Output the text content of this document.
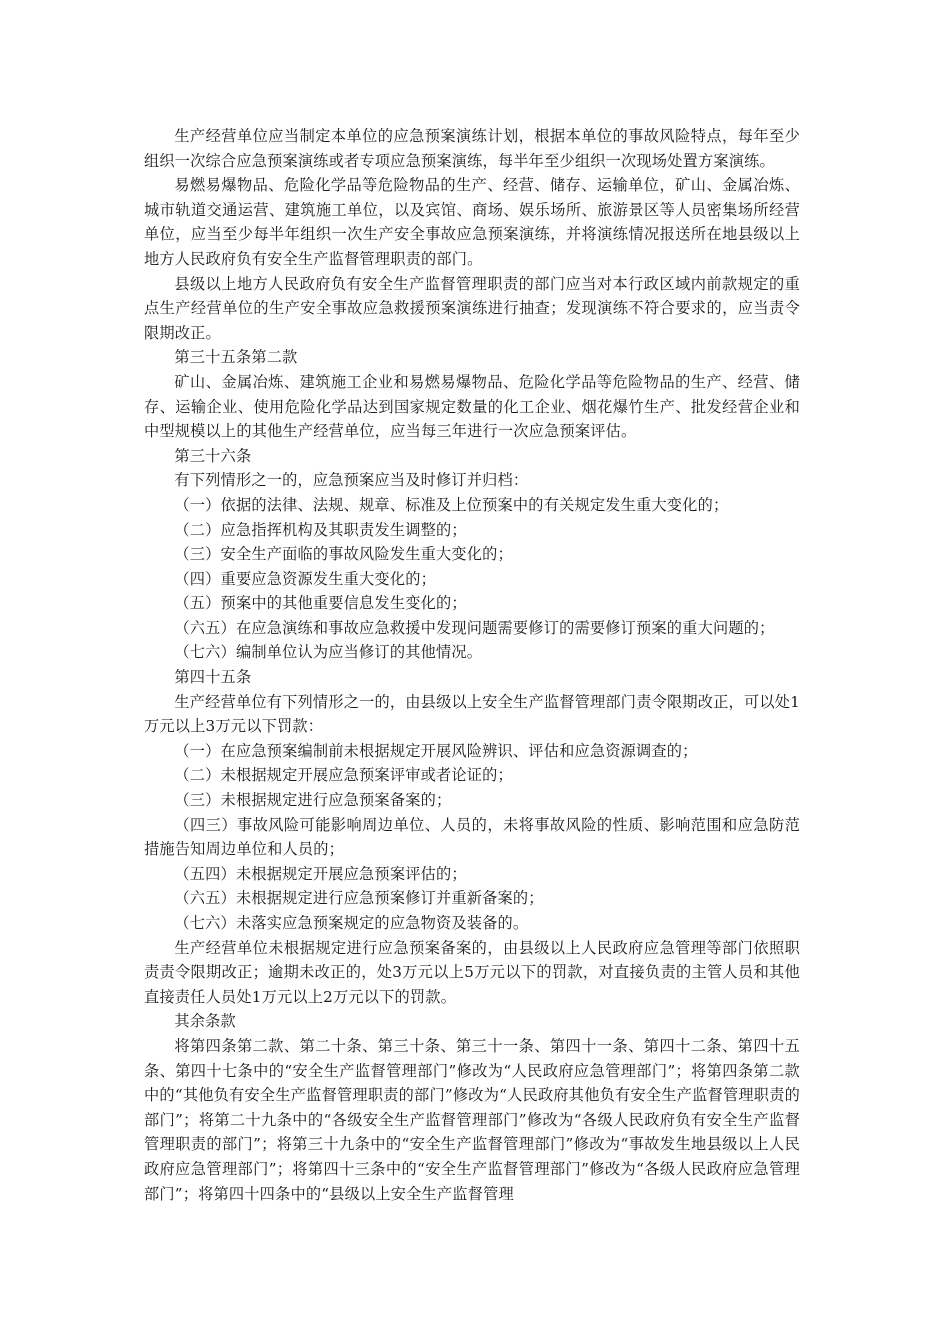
生产经营单位应当制定本单位的应急预案演练计划，根据本单位的事故风险特点，每年至少组织一次综合应急预案演练或者专项应急预案演练，每半年至少组织一次现场处置方案演练。

易燃易爆物品、危险化学品等危险物品的生产、经营、储存、运输单位，矿山、金属冶炼、城市轨道交通运营、建筑施工单位，以及宾馆、商场、娱乐场所、旅游景区等人员密集场所经营单位，应当至少每半年组织一次生产安全事故应急预案演练，并将演练情况报送所在地县级以上地方人民政府负有安全生产监督管理职责的部门。

县级以上地方人民政府负有安全生产监督管理职责的部门应当对本行政区域内前款规定的重点生产经营单位的生产安全事故应急救援预案演练进行抽查；发现演练不符合要求的，应当责令限期改正。

第三十五条第二款

矿山、金属冶炼、建筑施工企业和易燃易爆物品、危险化学品等危险物品的生产、经营、储存、运输企业、使用危险化学品达到国家规定数量的化工企业、烟花爆竹生产、批发经营企业和中型规模以上的其他生产经营单位，应当每三年进行一次应急预案评估。

第三十六条

有下列情形之一的，应急预案应当及时修订并归档：

（一）依据的法律、法规、规章、标准及上位预案中的有关规定发生重大变化的；

（二）应急指挥机构及其职责发生调整的；

（三）安全生产面临的事故风险发生重大变化的；

（四）重要应急资源发生重大变化的；

（五）预案中的其他重要信息发生变化的；

（六五）在应急演练和事故应急救援中发现问题需要修订的需要修订预案的重大问题的；

（七六）编制单位认为应当修订的其他情况。

第四十五条

生产经营单位有下列情形之一的，由县级以上安全生产监督管理部门责令限期改正，可以处1万元以上3万元以下罚款：

（一）在应急预案编制前未根据规定开展风险辨识、评估和应急资源调查的；

（二）未根据规定开展应急预案评审或者论证的；

（三）未根据规定进行应急预案备案的；

（四三）事故风险可能影响周边单位、人员的，未将事故风险的性质、影响范围和应急防范措施告知周边单位和人员的；

（五四）未根据规定开展应急预案评估的；

（六五）未根据规定进行应急预案修订并重新备案的；

（七六）未落实应急预案规定的应急物资及装备的。

生产经营单位未根据规定进行应急预案备案的，由县级以上人民政府应急管理等部门依照职责责令限期改正；逾期未改正的，处3万元以上5万元以下的罚款，对直接负责的主管人员和其他直接责任人员处1万元以上2万元以下的罚款。

其余条款

将第四条第二款、第二十条、第三十条、第三十一条、第四十一条、第四十二条、第四十五条、第四十七条中的“安全生产监督管理部门”修改为“人民政府应急管理部门”；将第四条第二款中的“其他负有安全生产监督管理职责的部门”修改为“人民政府其他负有安全生产监督管理职责的部门”；将第二十九条中的“各级安全生产监督管理部门”修改为“各级人民政府负有安全生产监督管理职责的部门”；将第三十九条中的“安全生产监督管理部门”修改为“事故发生地县级以上人民政府应急管理部门”；将第四十三条中的“安全生产监督管理部门”修改为“各级人民政府应急管理部门”；将第四十四条中的“县级以上安全生产监督管理
